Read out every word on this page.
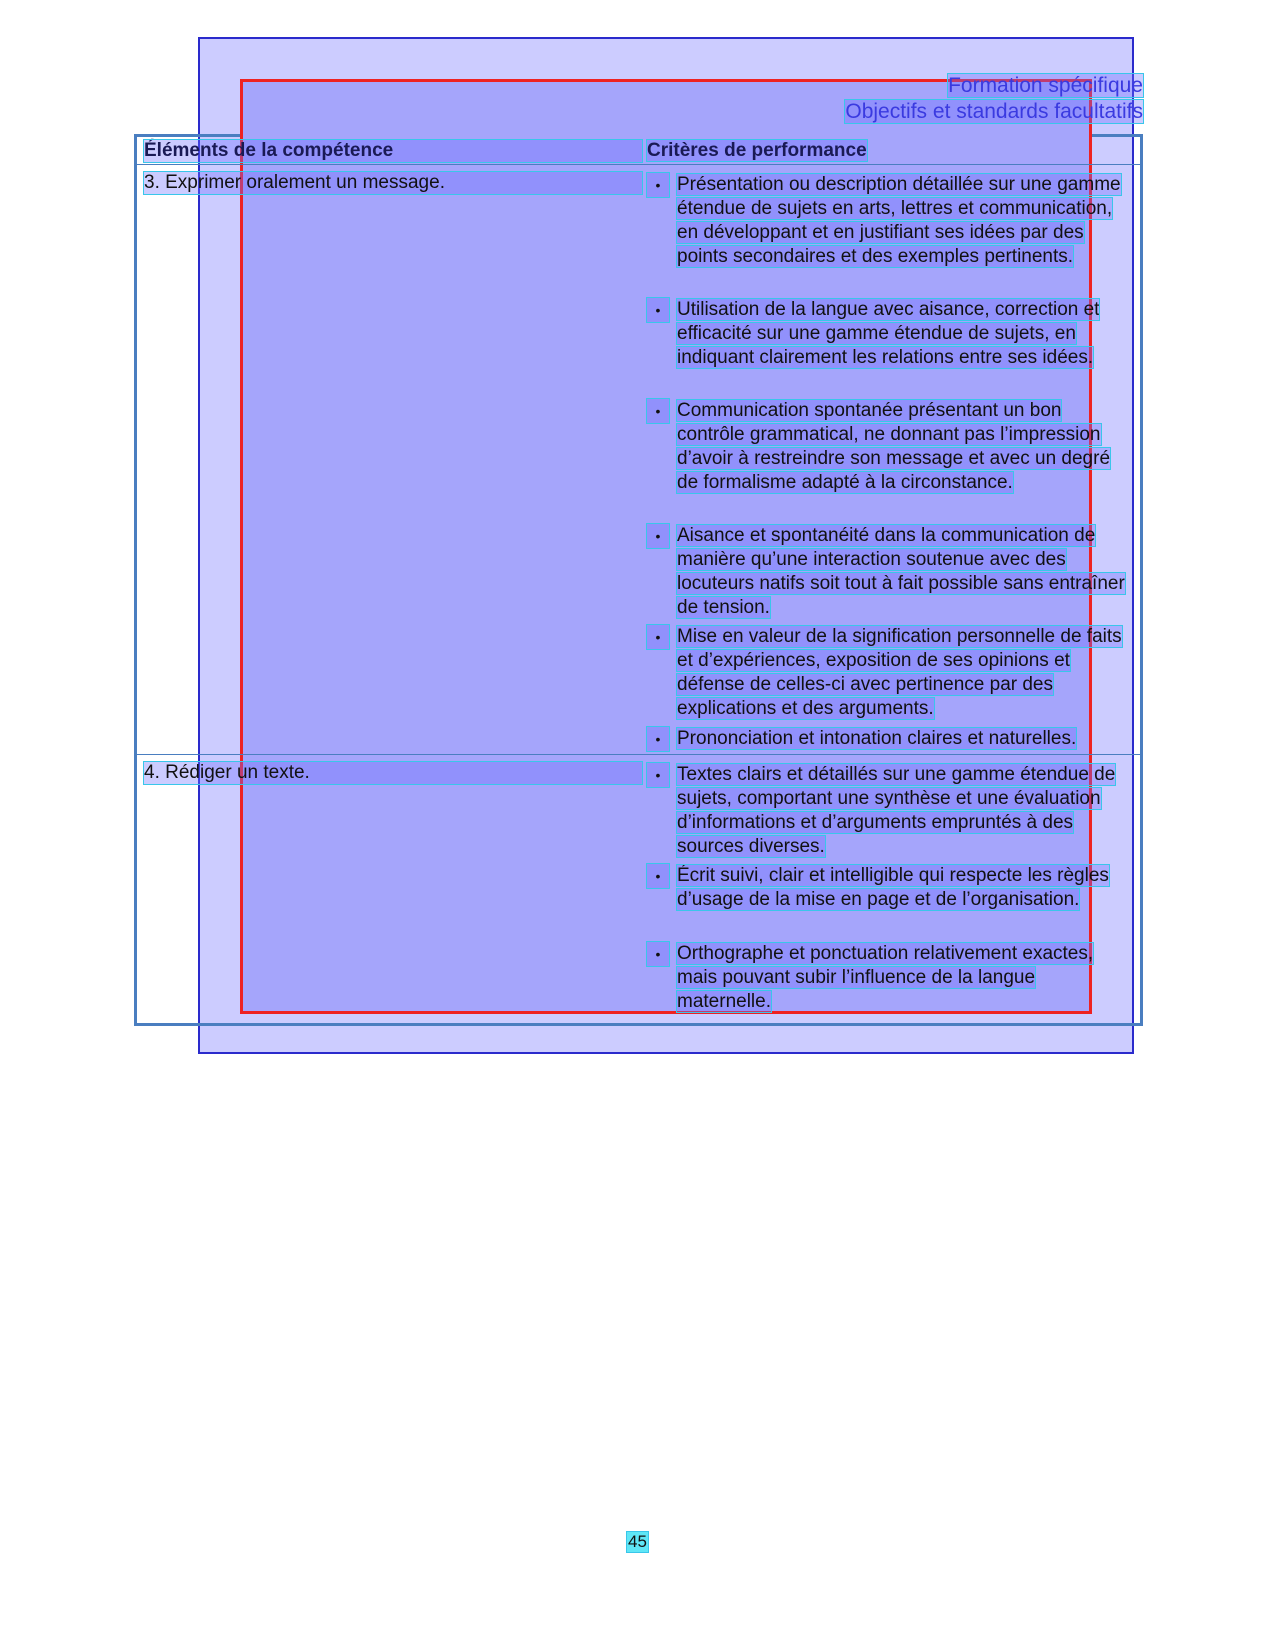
Formation spécifique
Objectifs et standards facultatifs
Éléments de la compétence	Critères de performance
3. Exprimer oralement un message.	• Présentation ou description détaillée sur une gamme étendue de sujets en arts, lettres et communication, en développant et en justifiant ses idées par des points secondaires et des exemples pertinents.
• Utilisation de la langue avec aisance, correction et efficacité sur une gamme étendue de sujets, en indiquant clairement les relations entre ses idées.
• Communication spontanée présentant un bon contrôle grammatical, ne donnant pas l’impression d’avoir à restreindre son message et avec un degré de formalisme adapté à la circonstance.
• Aisance et spontanéité dans la communication de manière qu’une interaction soutenue avec des locuteurs natifs soit tout à fait possible sans entraîner de tension.
• Mise en valeur de la signification personnelle de faits et d’expériences, exposition de ses opinions et défense de celles-ci avec pertinence par des explications et des arguments.
• Prononciation et intonation claires et naturelles.
4. Rédiger un texte.	• Textes clairs et détaillés sur une gamme étendue de sujets, comportant une synthèse et une évaluation d’informations et d’arguments empruntés à des sources diverses.
• Écrit suivi, clair et intelligible qui respecte les règles d’usage de la mise en page et de l’organisation.
• Orthographe et ponctuation relativement exactes, mais pouvant subir l’influence de la langue maternelle.
45
